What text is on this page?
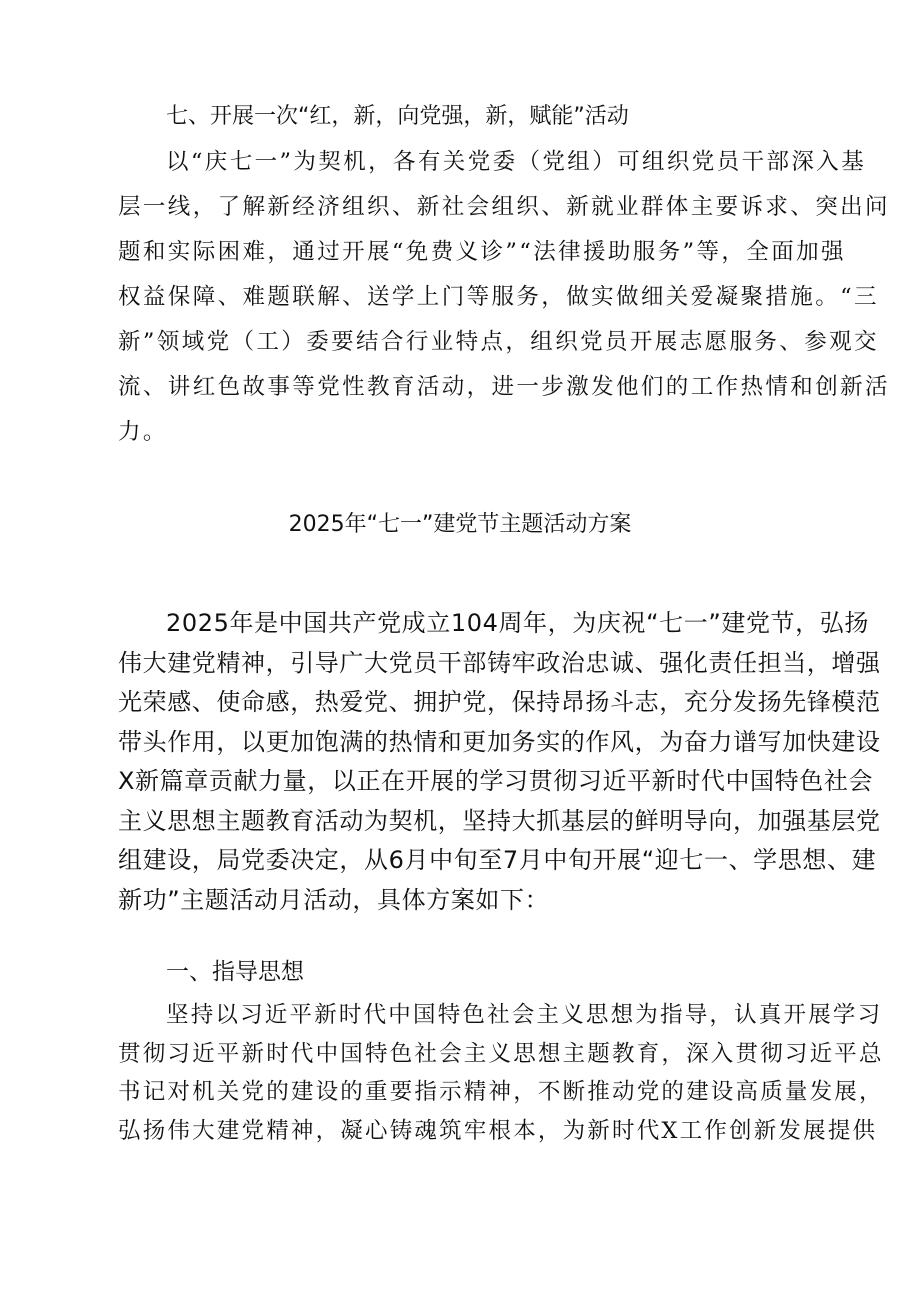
七、开展一次“红，新，向党强，新，赋能”活动

以“庆七一”为契机，各有关党委（党组）可组织党员干部深入基
层一线，了解新经济组织、新社会组织、新就业群体主要诉求、突出问
题和实际困难，通过开展“免费义诊”“法律援助服务”等，全面加强
权益保障、难题联解、送学上门等服务，做实做细关爱凝聚措施。“三
新”领域党（工）委要结合行业特点，组织党员开展志愿服务、参观交
流、讲红色故事等党性教育活动，进一步激发他们的工作热情和创新活
力。

2025年“七一”建党节主题活动方案

2025年是中国共产党成立104周年，为庆祝“七一”建党节，弘扬
伟大建党精神，引导广大党员干部铸牢政治忠诚、强化责任担当，增强
光荣感、使命感，热爱党、拥护党，保持昂扬斗志，充分发扬先锋模范
带头作用，以更加饱满的热情和更加务实的作风，为奋力谱写加快建设
X新篇章贡献力量，以正在开展的学习贯彻习近平新时代中国特色社会
主义思想主题教育活动为契机，坚持大抓基层的鲜明导向，加强基层党
组建设，局党委决定，从6月中旬至7月中旬开展“迎七一、学思想、建
新功”主题活动月活动，具体方案如下：

一、指导思想

坚持以习近平新时代中国特色社会主义思想为指导，认真开展学习
贯彻习近平新时代中国特色社会主义思想主题教育，深入贯彻习近平总
书记对机关党的建设的重要指示精神，不断推动党的建设高质量发展，
弘扬伟大建党精神，凝心铸魂筑牢根本，为新时代X工作创新发展提供
